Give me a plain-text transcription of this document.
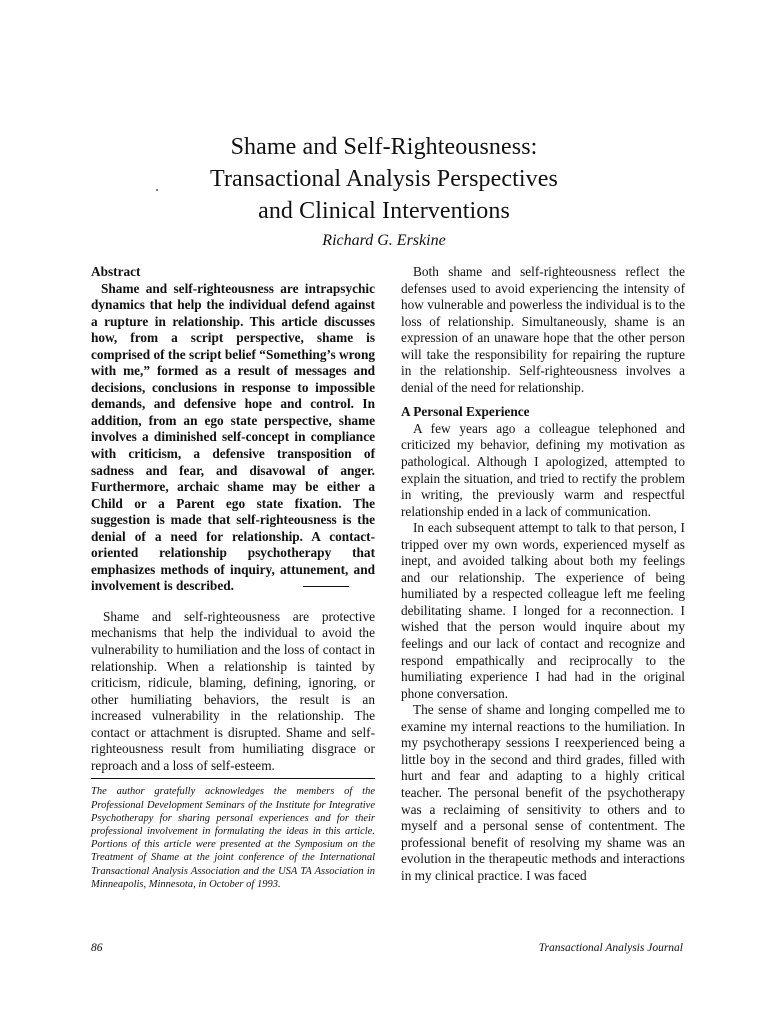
Shame and Self-Righteousness:
Transactional Analysis Perspectives
and Clinical Interventions
Richard G. Erskine

Abstract

Shame and self-righteousness are intrapsychic dynamics that help the individual defend against a rupture in relationship. This article discusses how, from a script perspective, shame is comprised of the script belief “Something’s wrong with me,” formed as a result of messages and decisions, conclusions in response to impossible demands, and defensive hope and control. In addition, from an ego state perspective, shame involves a diminished self-concept in compliance with criticism, a defensive transposition of sadness and fear, and disavowal of anger. Furthermore, archaic shame may be either a Child or a Parent ego state fixation. The suggestion is made that self-righteousness is the denial of a need for relationship. A contact-oriented relationship psychotherapy that emphasizes methods of inquiry, attunement, and involvement is described.

Shame and self-righteousness are protective mechanisms that help the individual to avoid the vulnerability to humiliation and the loss of contact in relationship. When a relationship is tainted by criticism, ridicule, blaming, defining, ignoring, or other humiliating behaviors, the result is an increased vulnerability in the relationship. The contact or attachment is disrupted. Shame and self-righteousness result from humiliating disgrace or reproach and a loss of self-esteem.

The author gratefully acknowledges the members of the Professional Development Seminars of the Institute for Integrative Psychotherapy for sharing personal experiences and for their professional involvement in formulating the ideas in this article. Portions of this article were presented at the Symposium on the Treatment of Shame at the joint conference of the International Transactional Analysis Association and the USA TA Association in Minneapolis, Minnesota, in October of 1993.

Both shame and self-righteousness reflect the defenses used to avoid experiencing the intensity of how vulnerable and powerless the individual is to the loss of relationship. Simultaneously, shame is an expression of an unaware hope that the other person will take the responsibility for repairing the rupture in the relationship. Self-righteousness involves a denial of the need for relationship.

A Personal Experience

A few years ago a colleague telephoned and criticized my behavior, defining my motivation as pathological. Although I apologized, attempted to explain the situation, and tried to rectify the problem in writing, the previously warm and respectful relationship ended in a lack of communication.

In each subsequent attempt to talk to that person, I tripped over my own words, experienced myself as inept, and avoided talking about both my feelings and our relationship. The experience of being humiliated by a respected colleague left me feeling debilitating shame. I longed for a reconnection. I wished that the person would inquire about my feelings and our lack of contact and recognize and respond empathically and reciprocally to the humiliating experience I had had in the original phone conversation.

The sense of shame and longing compelled me to examine my internal reactions to the humiliation. In my psychotherapy sessions I reexperienced being a little boy in the second and third grades, filled with hurt and fear and adapting to a highly critical teacher. The personal benefit of the psychotherapy was a reclaiming of sensitivity to others and to myself and a personal sense of contentment. The professional benefit of resolving my shame was an evolution in the therapeutic methods and interactions in my clinical practice. I was faced

86	Transactional Analysis Journal
